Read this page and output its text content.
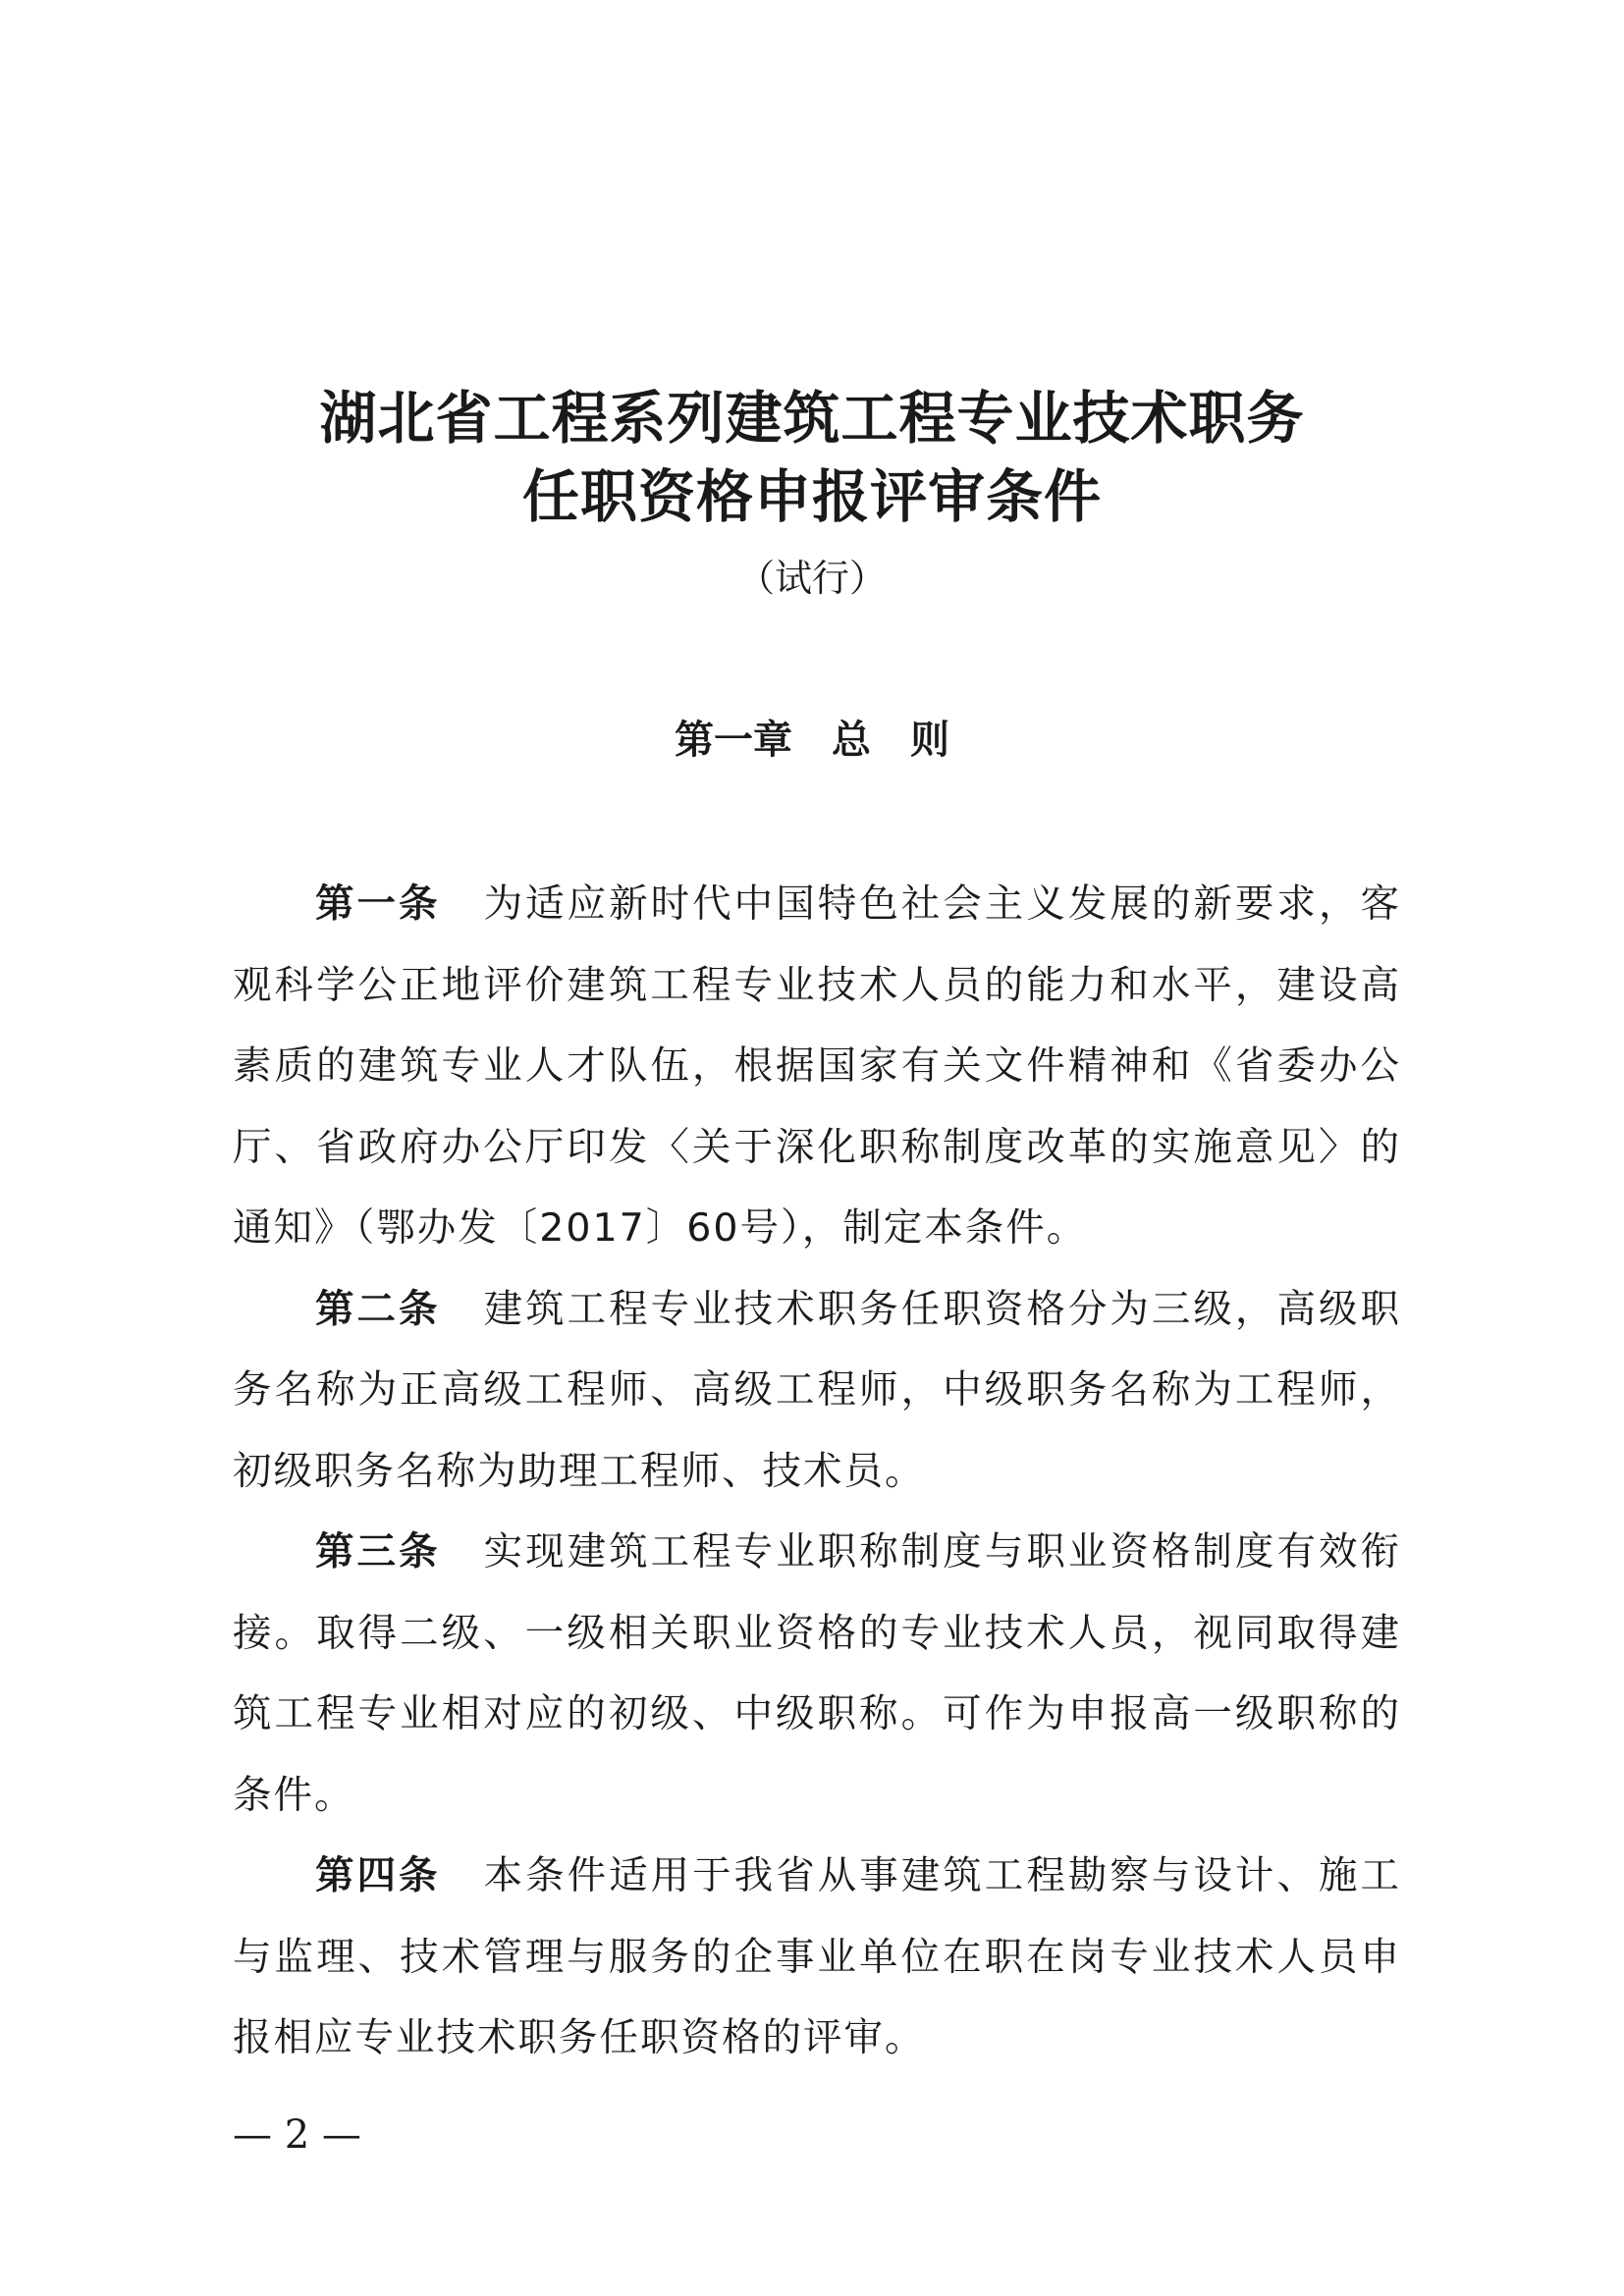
湖北省工程系列建筑工程专业技术职务
任职资格申报评审条件

（试行）

第一章　总　则

第一条 为适应新时代中国特色社会主义发展的新要求，客观科学公正地评价建筑工程专业技术人员的能力和水平，建设高素质的建筑专业人才队伍，根据国家有关文件精神和《省委办公厅、省政府办公厅印发〈关于深化职称制度改革的实施意见〉的通知》（鄂办发〔2017〕60号），制定本条件。

第二条 建筑工程专业技术职务任职资格分为三级，高级职务名称为正高级工程师、高级工程师，中级职务名称为工程师，初级职务名称为助理工程师、技术员。

第三条 实现建筑工程专业职称制度与职业资格制度有效衔接。取得二级、一级相关职业资格的专业技术人员，视同取得建筑工程专业相对应的初级、中级职称。可作为申报高一级职称的条件。

第四条 本条件适用于我省从事建筑工程勘察与设计、施工与监理、技术管理与服务的企事业单位在职在岗专业技术人员申报相应专业技术职务任职资格的评审。

— 2 —
